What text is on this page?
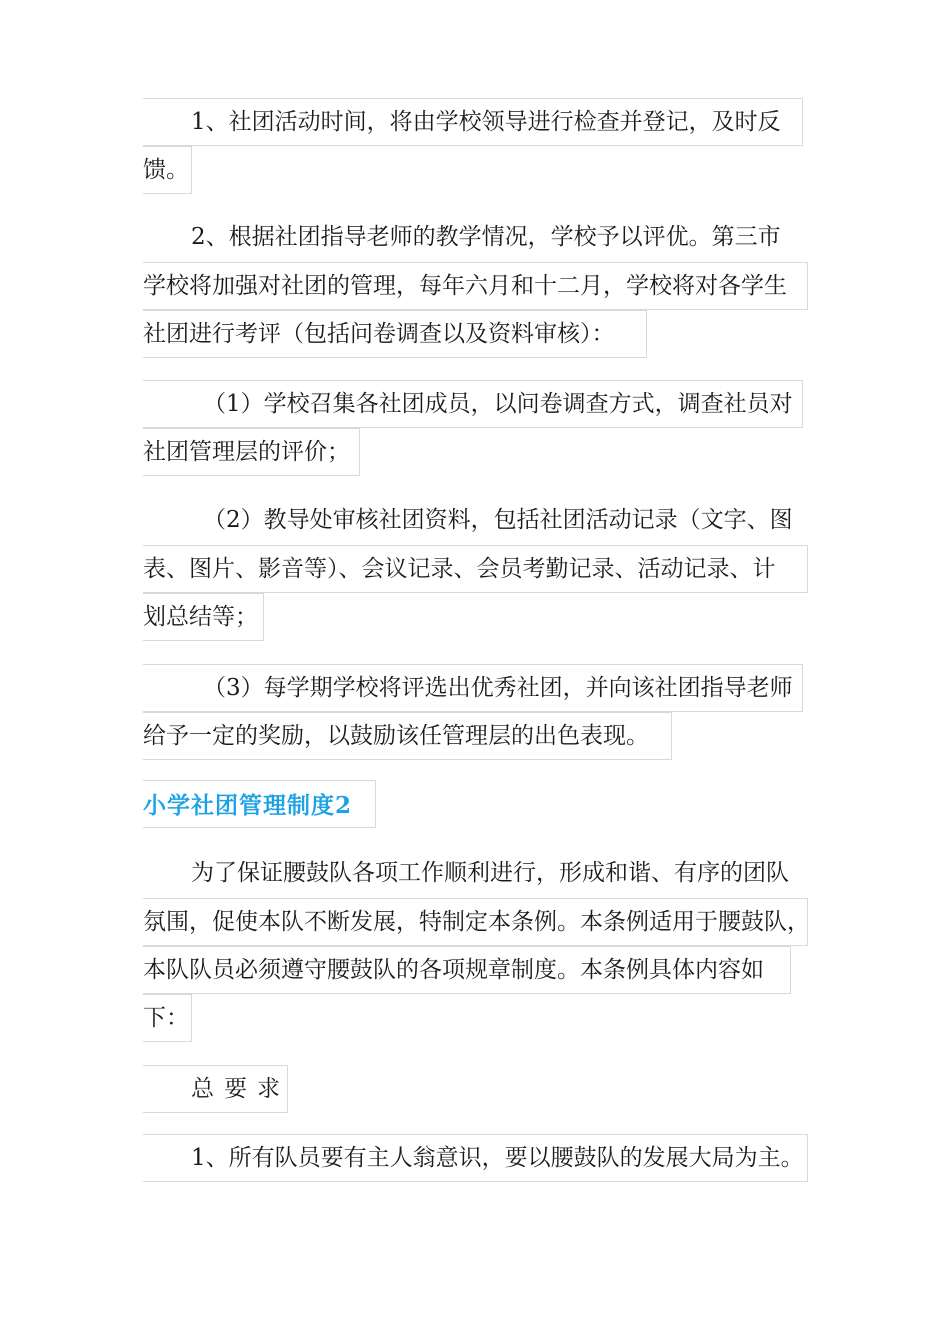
1、社团活动时间，将由学校领导进行检查并登记，及时反
馈。
2、根据社团指导老师的教学情况，学校予以评优。第三市
学校将加强对社团的管理，每年六月和十二月，学校将对各学生
社团进行考评（包括问卷调查以及资料审核）：
（1）学校召集各社团成员，以问卷调查方式，调查社员对
社团管理层的评价；
（2）教导处审核社团资料，包括社团活动记录（文字、图
表、图片、影音等）、会议记录、会员考勤记录、活动记录、计
划总结等；
（3）每学期学校将评选出优秀社团，并向该社团指导老师
给予一定的奖励，以鼓励该任管理层的出色表现。
小学社团管理制度2
为了保证腰鼓队各项工作顺利进行，形成和谐、有序的团队
氛围，促使本队不断发展，特制定本条例。本条例适用于腰鼓队，
本队队员必须遵守腰鼓队的各项规章制度。本条例具体内容如
下：
总要求
1、所有队员要有主人翁意识，要以腰鼓队的发展大局为主。
